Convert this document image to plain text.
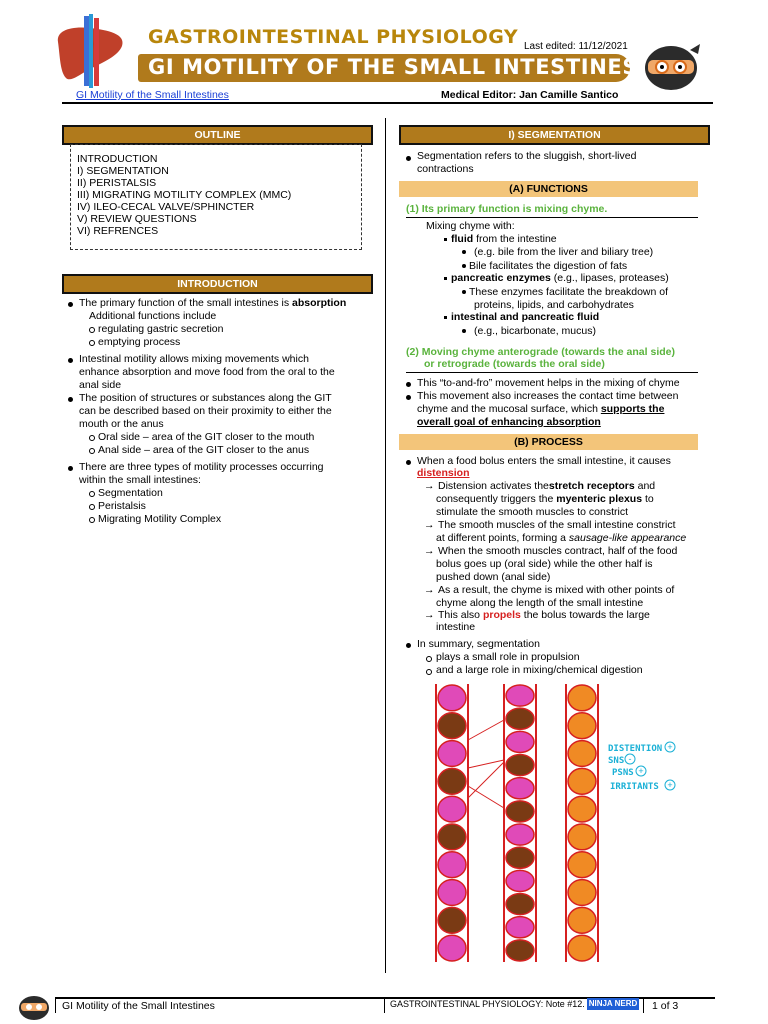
GASTROINTESTINAL PHYSIOLOGY Last edited: 11/12/2021
GI MOTILITY OF THE SMALL INTESTINES
GI Motility of the Small Intestines	Medical Editor: Jan Camille Santico
OUTLINE
INTRODUCTION
I) SEGMENTATION
II) PERISTALSIS
III) MIGRATING MOTILITY COMPLEX (MMC)
IV) ILEO-CECAL VALVE/SPHINCTER
V) REVIEW QUESTIONS
VI) REFRENCES
INTRODUCTION
The primary function of the small intestines is absorption
Additional functions include
regulating gastric secretion
emptying process
Intestinal motility allows mixing movements which
enhance absorption and move food from the oral to the
anal side
The position of structures or substances along the GIT
can be described based on their proximity to either the
mouth or the anus
Oral side – area of the GIT closer to the mouth
Anal side – area of the GIT closer to the anus
There are three types of motility processes occurring
within the small intestines:
Segmentation
Peristalsis
Migrating Motility Complex
I) SEGMENTATION
Segmentation refers to the sluggish, short-lived
contractions
(A) FUNCTIONS
(1) Its primary function is mixing chyme.
Mixing chyme with:
fluid from the intestine
(e.g. bile from the liver and biliary tree)
Bile facilitates the digestion of fats
pancreatic enzymes (e.g., lipases, proteases)
These enzymes facilitate the breakdown of
proteins, lipids, and carbohydrates
intestinal and pancreatic fluid
(e.g., bicarbonate, mucus)
(2) Moving chyme anterograde (towards the anal side)
or retrograde (towards the oral side)
This “to-and-fro” movement helps in the mixing of chyme
This movement also increases the contact time between
chyme and the mucosal surface, which supports the
overall goal of enhancing absorption
(B) PROCESS
When a food bolus enters the small intestine, it causes
distension
→ Distension activates thestretch receptors and
consequently triggers the myenteric plexus to
stimulate the smooth muscles to constrict
→ The smooth muscles of the small intestine constrict
at different points, forming a sausage-like appearance
→ When the smooth muscles contract, half of the food
bolus goes up (oral side) while the other half is
pushed down (anal side)
→ As a result, the chyme is mixed with other points of
chyme along the length of the small intestine
→ This also propels the bolus towards the large
intestine
In summary, segmentation
plays a small role in propulsion
and a large role in mixing/chemical digestion
DISTENTION +
SNS -
PSNS +
IRRITANTS +
GI Motility of the Small Intestines	GASTROINTESTINAL PHYSIOLOGY: Note #12. NINJA NERD 1 of 3
